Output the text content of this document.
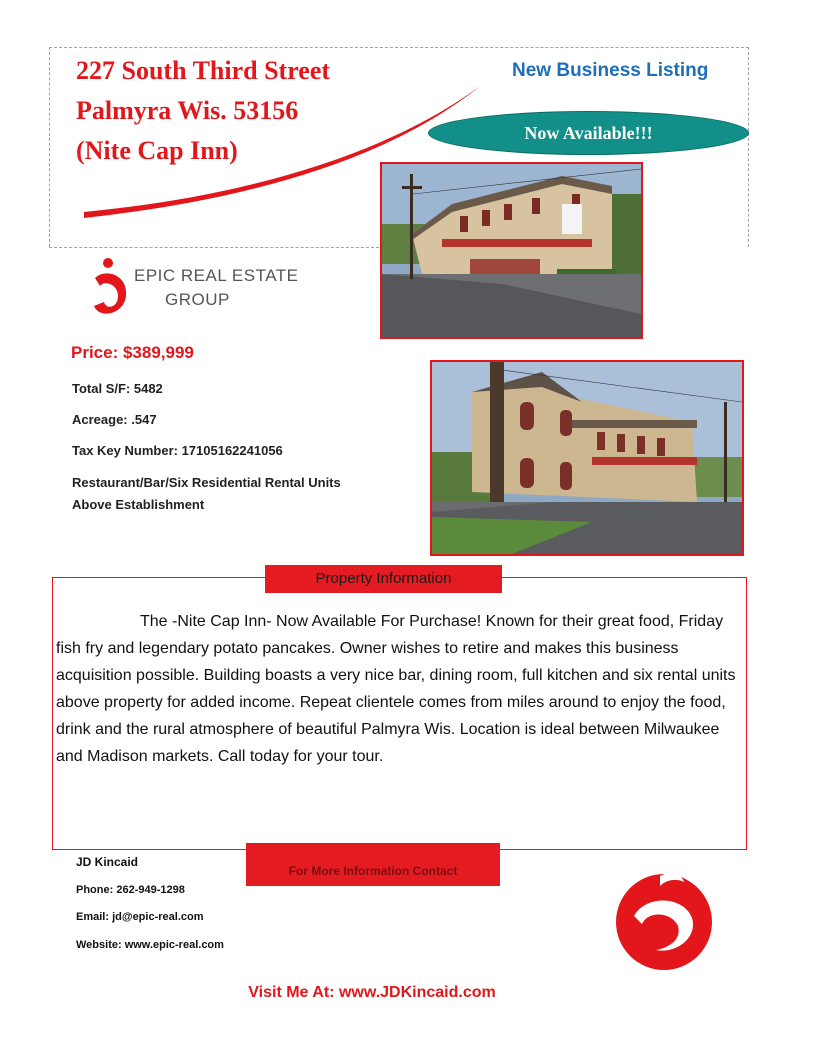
227 South Third Street
Palmyra Wis. 53156
(Nite Cap Inn)
New Business Listing
Now Available!!!
EPIC REAL ESTATE
GROUP
Price: $389,999
Total S/F: 5482
Acreage: .547
Tax Key Number: 17105162241056
Restaurant/Bar/Six Residential Rental Units
Above Establishment
Property Information
The -Nite Cap Inn- Now Available For Purchase! Known for their great food, Friday fish fry and legendary potato pancakes. Owner wishes to retire and makes this business acquisition possible. Building boasts a very nice bar, dining room, full kitchen and six rental units above property for added income. Repeat clientele comes from miles around to enjoy the food, drink and the rural atmosphere of beautiful Palmyra Wis. Location is ideal between Milwaukee and Madison markets. Call today for your tour.
For More Information Contact
JD Kincaid
Phone: 262-949-1298
Email: jd@epic-real.com
Website: www.epic-real.com
Visit Me At: www.JDKincaid.com
